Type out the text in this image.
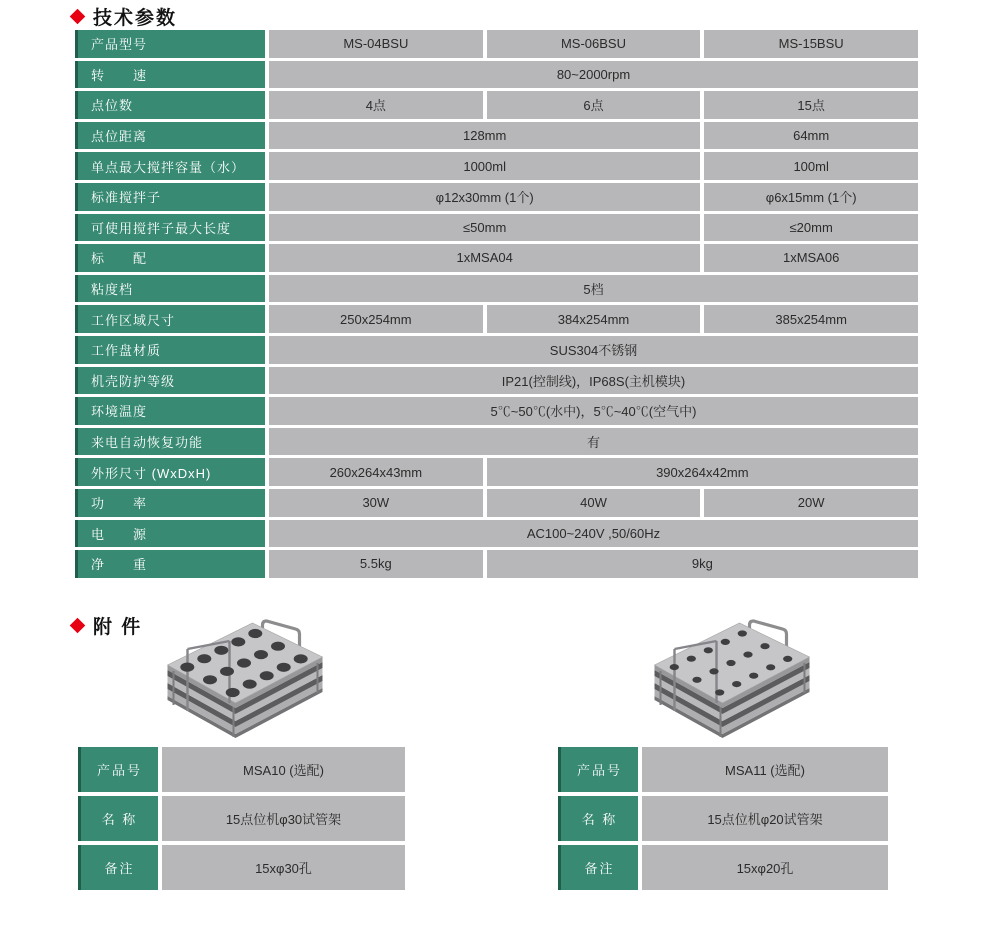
技术参数
产品型号	MS-04BSU	MS-06BSU	MS-15BSU
转　　速	80~2000rpm
点位数	4点	6点	15点
点位距离	128mm	64mm
单点最大搅拌容量（水）	1000ml	100ml
标准搅拌子	φ12x30mm (1个)	φ6x15mm (1个)
可使用搅拌子最大长度	≤50mm	≤20mm
标　　配	1xMSA04	1xMSA06
粘度档	5档
工作区域尺寸	250x254mm	384x254mm	385x254mm
工作盘材质	SUS304不锈钢
机壳防护等级	IP21(控制线)，IP68S(主机模块)
环境温度	5℃~50℃(水中)，5℃~40℃(空气中)
来电自动恢复功能	有
外形尺寸 (WxDxH)	260x264x43mm	390x264x42mm
功　　率	30W	40W	20W
电　　源	AC100~240V ,50/60Hz
净　　重	5.5kg	9kg
附 件
产品号	MSA10 (选配)
名 称	15点位机φ30试管架
备注	15xφ30孔
产品号	MSA11 (选配)
名 称	15点位机φ20试管架
备注	15xφ20孔
